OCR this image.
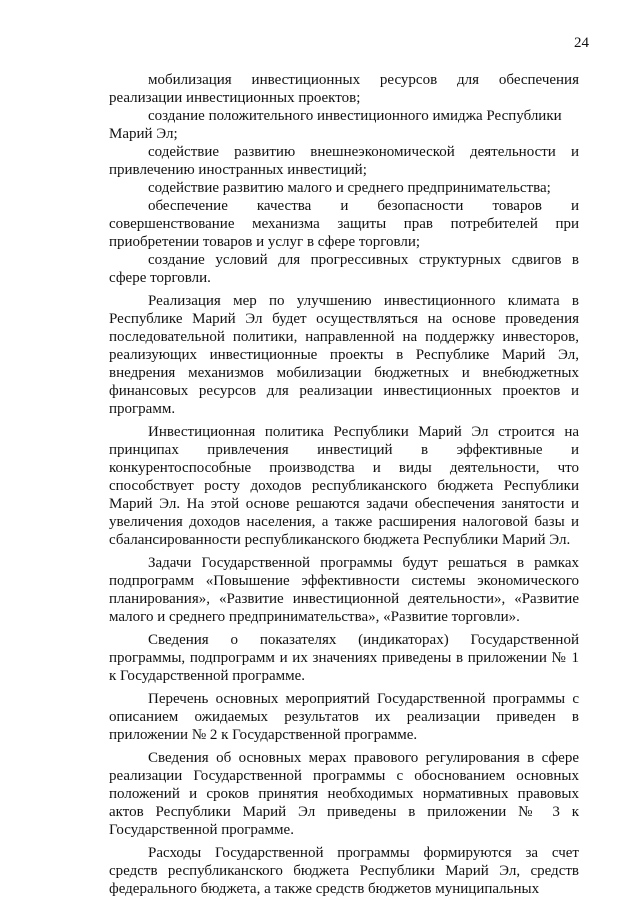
24

мобилизация инвестиционных ресурсов для обеспечения реализации инвестиционных проектов;

создание положительного инвестиционного имиджа Республики Марий Эл;

содействие развитию внешнеэкономической деятельности и привлечению иностранных инвестиций;

содействие развитию малого и среднего предпринимательства;

обеспечение качества и безопасности товаров и совершенствование механизма защиты прав потребителей при приобретении товаров и услуг в сфере торговли;

создание условий для прогрессивных структурных сдвигов в сфере торговли.

Реализация мер по улучшению инвестиционного климата в Республике Марий Эл будет осуществляться на основе проведения последовательной политики, направленной на поддержку инвесторов, реализующих инвестиционные проекты в Республике Марий Эл, внедрения механизмов мобилизации бюджетных и внебюджетных финансовых ресурсов для реализации инвестиционных проектов и программ.

Инвестиционная политика Республики Марий Эл строится на принципах привлечения инвестиций в эффективные и конкурентоспособные производства и виды деятельности, что способствует росту доходов республиканского бюджета Республики Марий Эл. На этой основе решаются задачи обеспечения занятости и увеличения доходов населения, а также расширения налоговой базы и сбалансированности республиканского бюджета Республики Марий Эл.

Задачи Государственной программы будут решаться в рамках подпрограмм «Повышение эффективности системы экономического планирования», «Развитие инвестиционной деятельности», «Развитие малого и среднего предпринимательства», «Развитие торговли».

Сведения о показателях (индикаторах) Государственной программы, подпрограмм и их значениях приведены в приложении № 1 к Государственной программе.

Перечень основных мероприятий Государственной программы с описанием ожидаемых результатов их реализации приведен в приложении № 2 к Государственной программе.

Сведения об основных мерах правового регулирования в сфере реализации Государственной программы с обоснованием основных положений и сроков принятия необходимых нормативных правовых актов Республики Марий Эл приведены в приложении № 3 к Государственной программе.

Расходы Государственной программы формируются за счет средств республиканского бюджета Республики Марий Эл, средств федерального бюджета, а также средств бюджетов муниципальных
